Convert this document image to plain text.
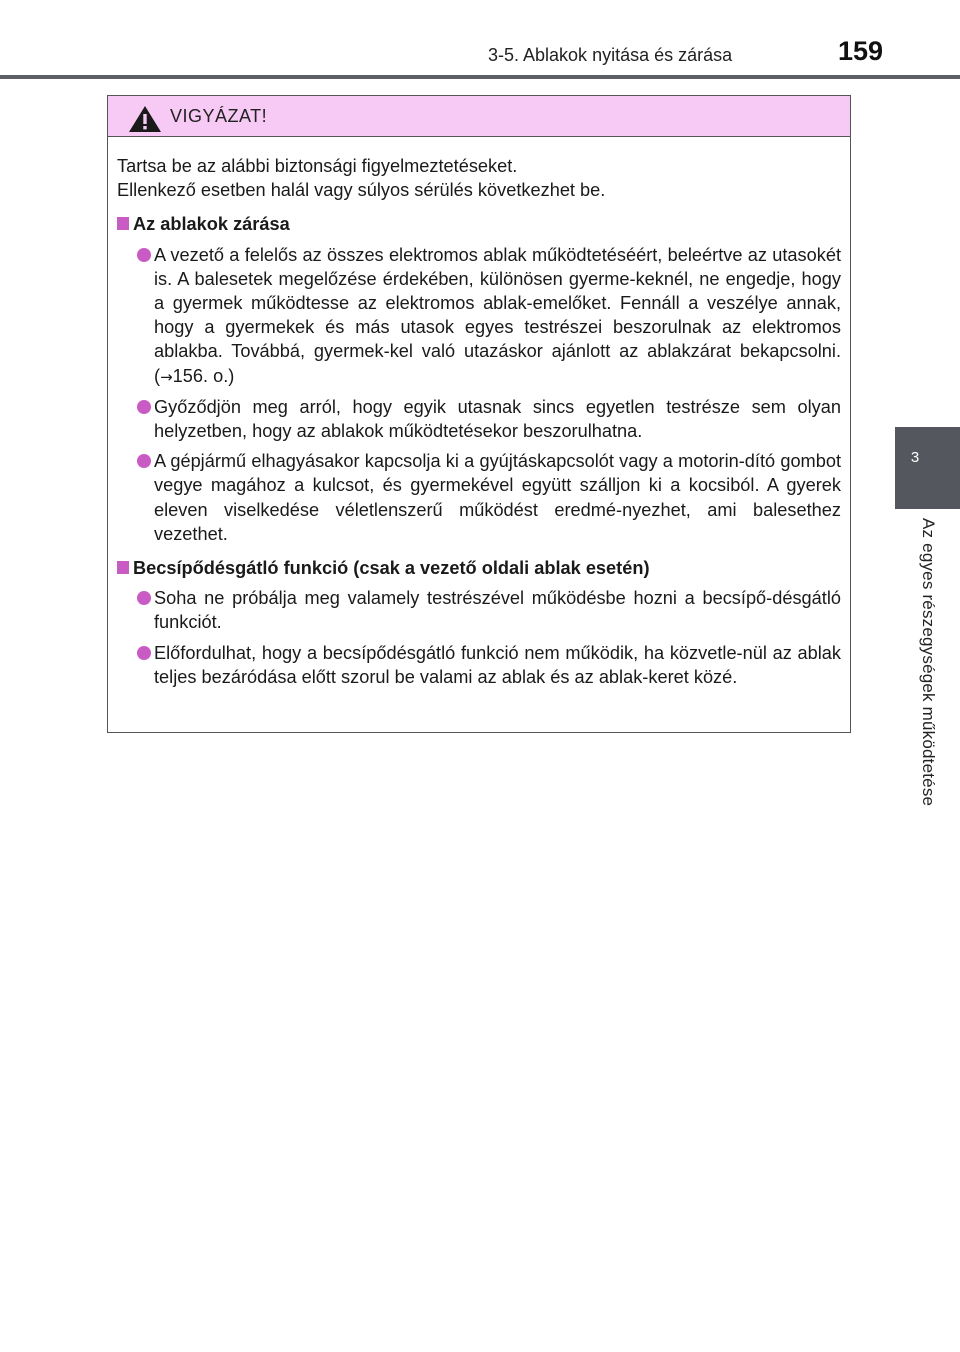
3-5. Ablakok nyitása és zárása	159
3
Az egyes részegységek működtetése
VIGYÁZAT!

Tartsa be az alábbi biztonsági figyelmeztetéseket.

Ellenkező esetben halál vagy súlyos sérülés következhet be.

Az ablakok zárása
A vezető a felelős az összes elektromos ablak működtetéséért, beleértve az utasokét is. A balesetek megelőzése érdekében, különösen gyerme-keknél, ne engedje, hogy a gyermek működtesse az elektromos ablak-emelőket. Fennáll a veszélye annak, hogy a gyermekek és más utasok egyes testrészei beszorulnak az elektromos ablakba. Továbbá, gyermek-kel való utazáskor ajánlott az ablakzárat bekapcsolni. (→156. o.)
Győződjön meg arról, hogy egyik utasnak sincs egyetlen testrésze sem olyan helyzetben, hogy az ablakok működtetésekor beszorulhatna.
A gépjármű elhagyásakor kapcsolja ki a gyújtáskapcsolót vagy a motorin-dító gombot vegye magához a kulcsot, és gyermekével együtt szálljon ki a kocsiból. A gyerek eleven viselkedése véletlenszerű működést eredmé-nyezhet, ami balesethez vezethet.
Becsípődésgátló funkció (csak a vezető oldali ablak esetén)
Soha ne próbálja meg valamely testrészével működésbe hozni a becsípő-désgátló funkciót.
Előfordulhat, hogy a becsípődésgátló funkció nem működik, ha közvetle-nül az ablak teljes bezáródása előtt szorul be valami az ablak és az ablak-keret közé.
